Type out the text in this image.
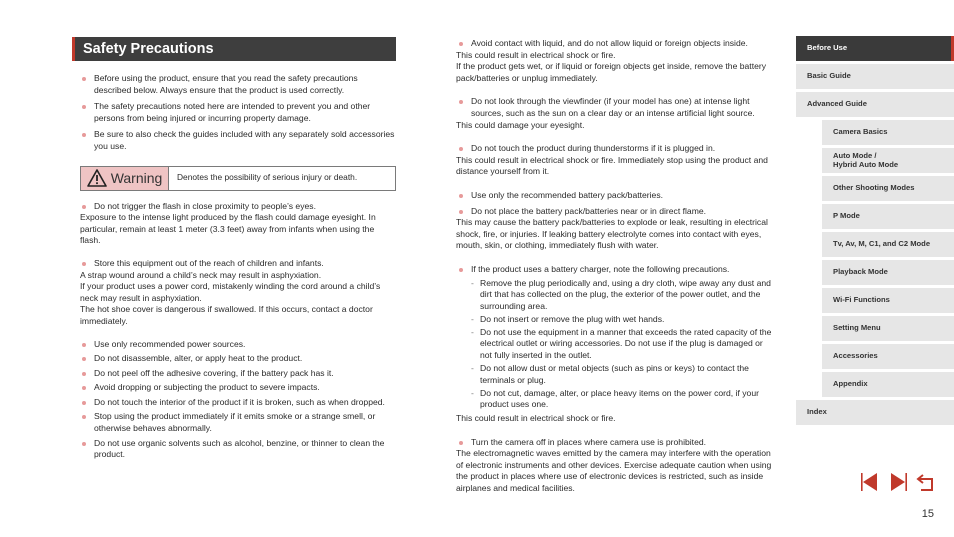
Safety Precautions
Before using the product, ensure that you read the safety precautions described below. Always ensure that the product is used correctly.
The safety precautions noted here are intended to prevent you and other persons from being injured or incurring property damage.
Be sure to also check the guides included with any separately sold accessories you use.
Warning	Denotes the possibility of serious injury or death.

Do not trigger the flash in close proximity to people’s eyes.

Exposure to the intense light produced by the flash could damage eyesight. In particular, remain at least 1 meter (3.3 feet) away from infants when using the flash.

Store this equipment out of the reach of children and infants.

A strap wound around a child’s neck may result in asphyxiation.

If your product uses a power cord, mistakenly winding the cord around a child’s neck may result in asphyxiation.

The hot shoe cover is dangerous if swallowed. If this occurs, contact a doctor immediately.

Use only recommended power sources.
Do not disassemble, alter, or apply heat to the product.
Do not peel off the adhesive covering, if the battery pack has it.
Avoid dropping or subjecting the product to severe impacts.
Do not touch the interior of the product if it is broken, such as when dropped.
Stop using the product immediately if it emits smoke or a strange smell, or otherwise behaves abnormally.
Do not use organic solvents such as alcohol, benzine, or thinner to clean the product.

Avoid contact with liquid, and do not allow liquid or foreign objects inside.

This could result in electrical shock or fire.

If the product gets wet, or if liquid or foreign objects get inside, remove the battery pack/batteries or unplug immediately.

Do not look through the viewfinder (if your model has one) at intense light sources, such as the sun on a clear day or an intense artificial light source.

This could damage your eyesight.

Do not touch the product during thunderstorms if it is plugged in.

This could result in electrical shock or fire. Immediately stop using the product and distance yourself from it.

Use only the recommended battery pack/batteries.

Do not place the battery pack/batteries near or in direct flame.

This may cause the battery pack/batteries to explode or leak, resulting in electrical shock, fire, or injuries. If leaking battery electrolyte comes into contact with eyes, mouth, skin, or clothing, immediately flush with water.

If the product uses a battery charger, note the following precautions.

- Remove the plug periodically and, using a dry cloth, wipe away any dust and dirt that has collected on the plug, the exterior of the power outlet, and the surrounding area.
- Do not insert or remove the plug with wet hands.
- Do not use the equipment in a manner that exceeds the rated capacity of the electrical outlet or wiring accessories. Do not use if the plug is damaged or not fully inserted in the outlet.
- Do not allow dust or metal objects (such as pins or keys) to contact the terminals or plug.
- Do not cut, damage, alter, or place heavy items on the power cord, if your product uses one.

This could result in electrical shock or fire.

Turn the camera off in places where camera use is prohibited.

The electromagnetic waves emitted by the camera may interfere with the operation of electronic instruments and other devices. Exercise adequate caution when using the product in places where use of electronic devices is restricted, such as inside airplanes and medical facilities.

Before Use
Basic Guide
Advanced Guide
Camera Basics
Auto Mode /
Hybrid Auto Mode
Other Shooting Modes
P Mode
Tv, Av, M, C1, and C2 Mode
Playback Mode
Wi-Fi Functions
Setting Menu
Accessories
Appendix
Index
15
